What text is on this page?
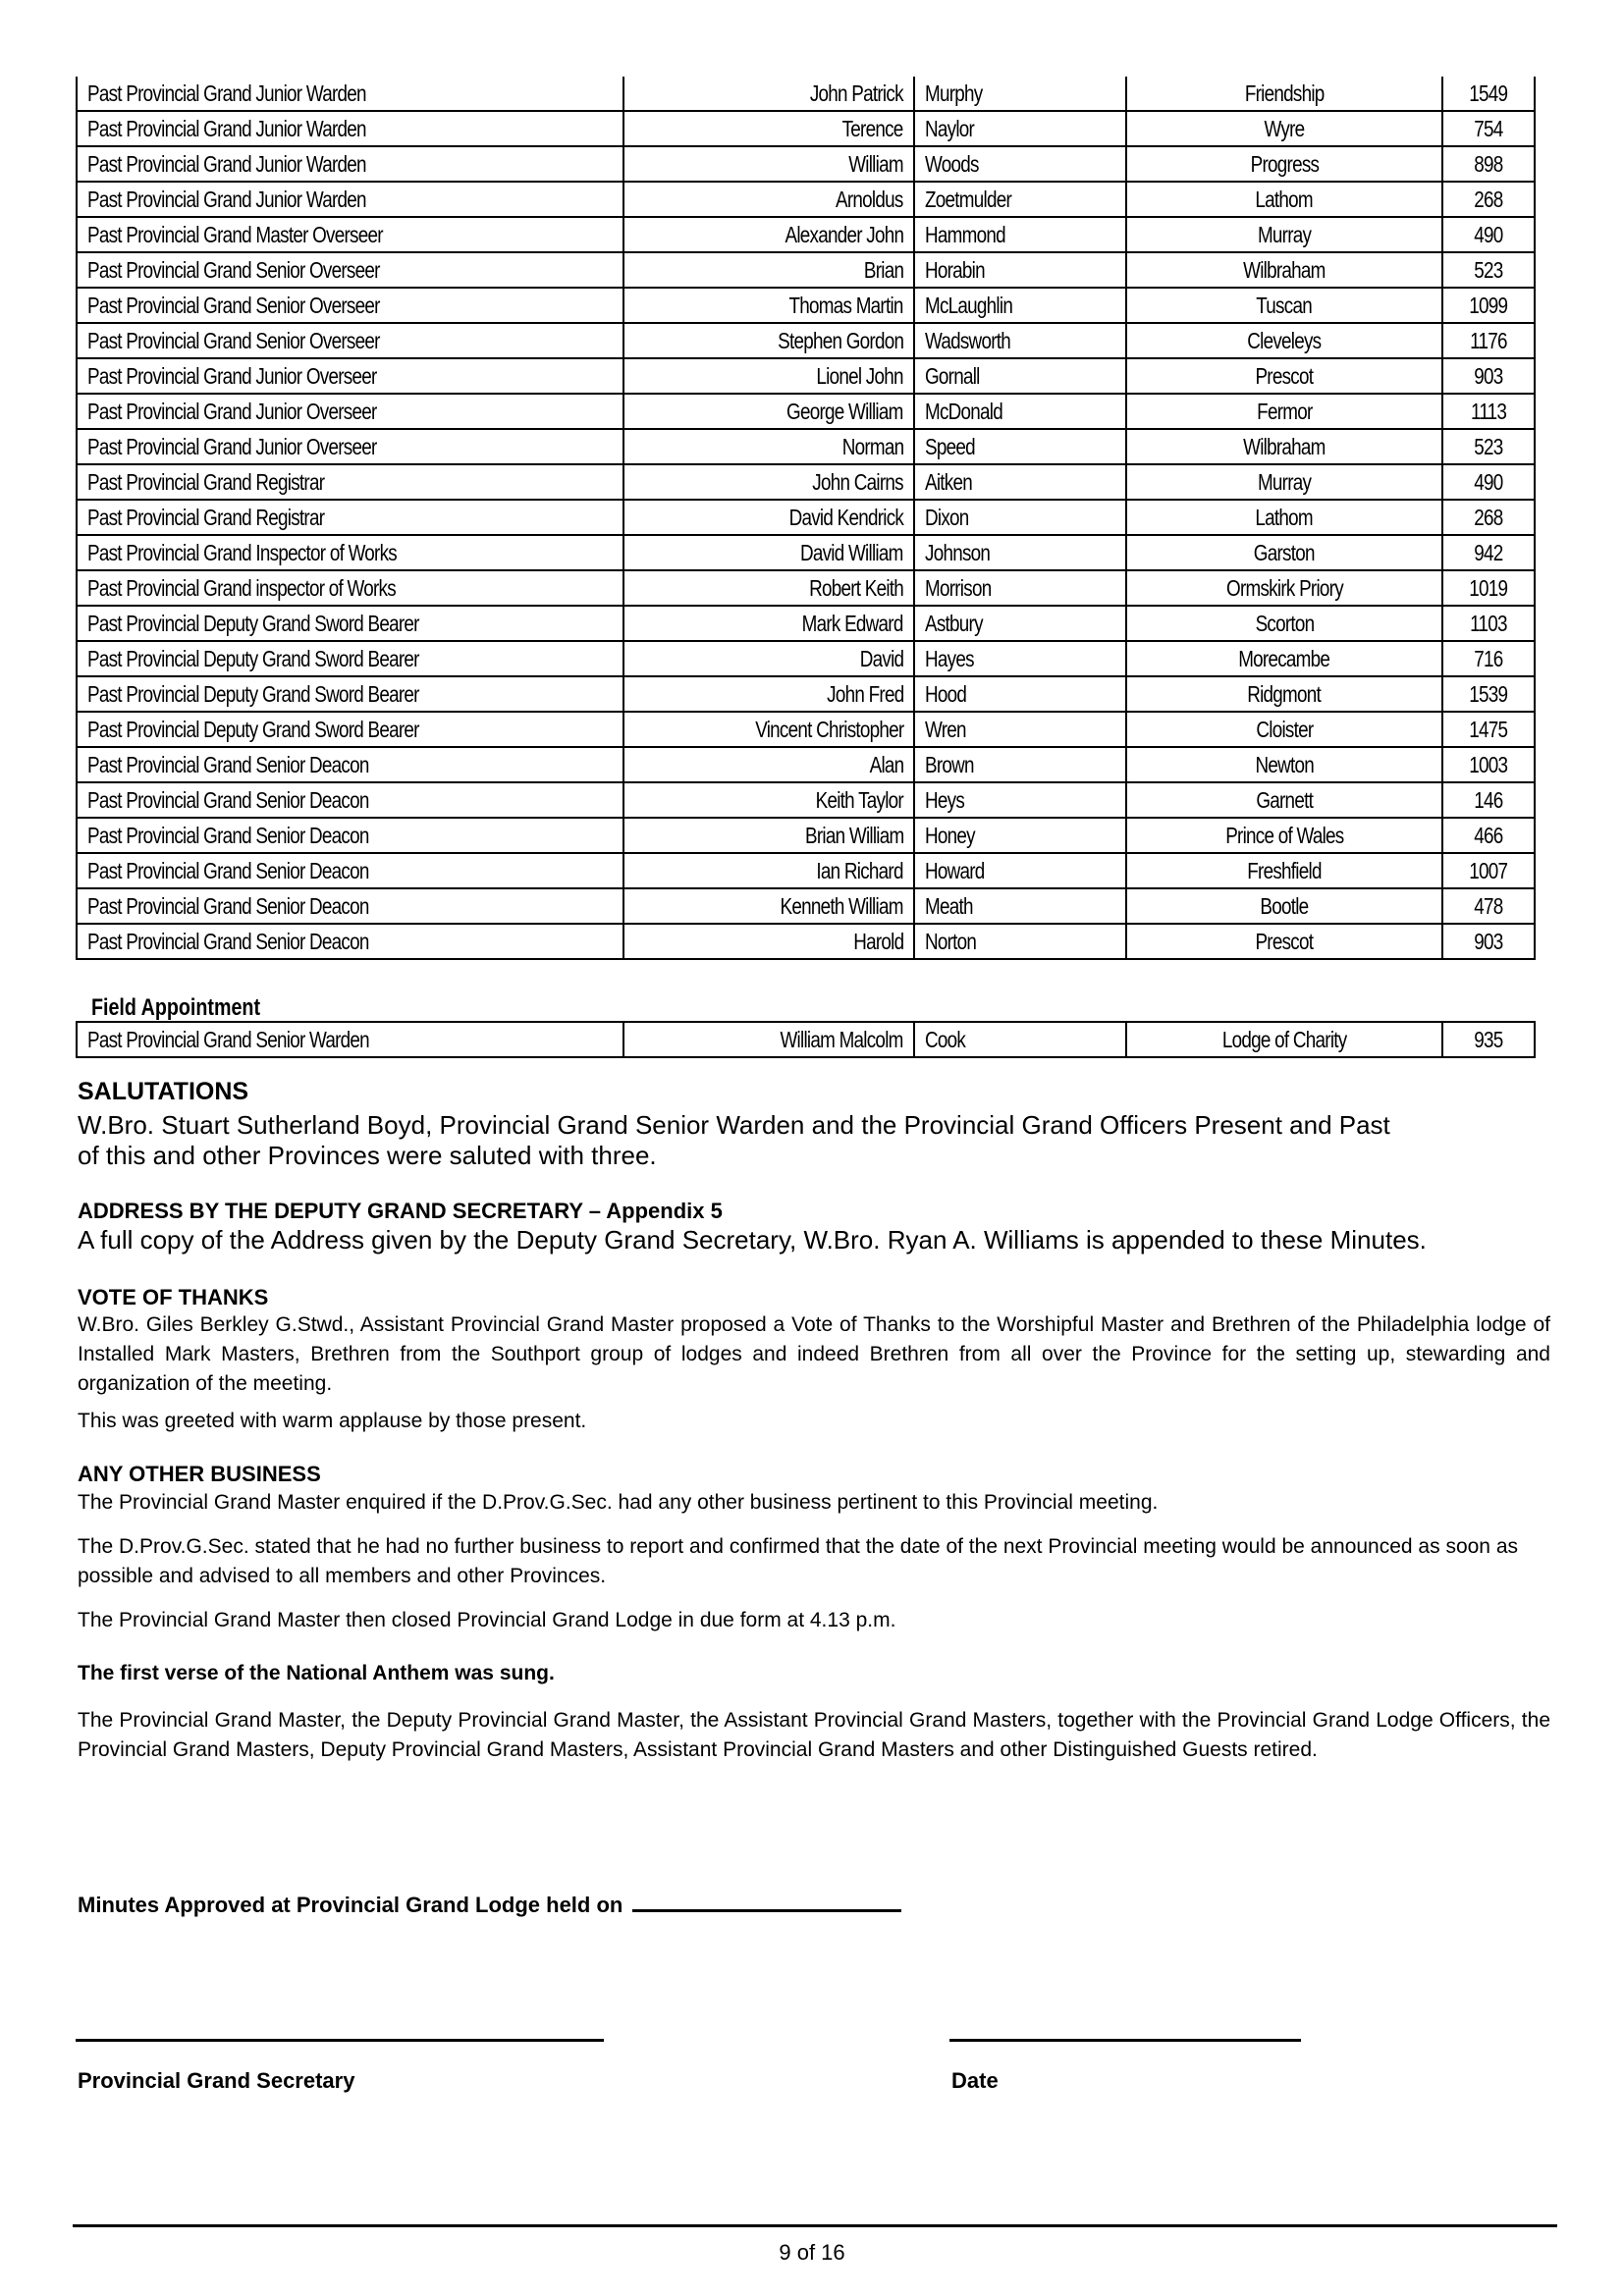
Past Provincial Grand Junior Warden	John Patrick	Murphy	Friendship	1549
Past Provincial Grand Junior Warden	Terence	Naylor	Wyre	754
Past Provincial Grand Junior Warden	William	Woods	Progress	898
Past Provincial Grand Junior Warden	Arnoldus	Zoetmulder	Lathom	268
Past Provincial Grand Master Overseer	Alexander John	Hammond	Murray	490
Past Provincial Grand Senior Overseer	Brian	Horabin	Wilbraham	523
Past Provincial Grand Senior Overseer	Thomas Martin	McLaughlin	Tuscan	1099
Past Provincial Grand Senior Overseer	Stephen Gordon	Wadsworth	Cleveleys	1176
Past Provincial Grand Junior Overseer	Lionel John	Gornall	Prescot	903
Past Provincial Grand Junior Overseer	George William	McDonald	Fermor	1113
Past Provincial Grand Junior Overseer	Norman	Speed	Wilbraham	523
Past Provincial Grand Registrar	John Cairns	Aitken	Murray	490
Past Provincial Grand Registrar	David Kendrick	Dixon	Lathom	268
Past Provincial Grand Inspector of Works	David William	Johnson	Garston	942
Past Provincial Grand inspector of Works	Robert Keith	Morrison	Ormskirk Priory	1019
Past Provincial Deputy Grand Sword Bearer	Mark Edward	Astbury	Scorton	1103
Past Provincial Deputy Grand Sword Bearer	David	Hayes	Morecambe	716
Past Provincial Deputy Grand Sword Bearer	John Fred	Hood	Ridgmont	1539
Past Provincial Deputy Grand Sword Bearer	Vincent Christopher	Wren	Cloister	1475
Past Provincial Grand Senior Deacon	Alan	Brown	Newton	1003
Past Provincial Grand Senior Deacon	Keith Taylor	Heys	Garnett	146
Past Provincial Grand Senior Deacon	Brian William	Honey	Prince of Wales	466
Past Provincial Grand Senior Deacon	Ian Richard	Howard	Freshfield	1007
Past Provincial Grand Senior Deacon	Kenneth William	Meath	Bootle	478
Past Provincial Grand Senior Deacon	Harold	Norton	Prescot	903
Field Appointment
Past Provincial Grand Senior Warden	William Malcolm	Cook	Lodge of Charity	935
SALUTATIONS
W.Bro. Stuart Sutherland Boyd, Provincial Grand Senior Warden and the Provincial Grand Officers Present and Past
of this and other Provinces were saluted with three.
ADDRESS BY THE DEPUTY GRAND SECRETARY – Appendix 5
A full copy of the Address given by the Deputy Grand Secretary, W.Bro. Ryan A. Williams is appended to these Minutes.
VOTE OF THANKS
W.Bro. Giles Berkley G.Stwd., Assistant Provincial Grand Master proposed a Vote of Thanks to the Worshipful Master and Brethren of the Philadelphia lodge of Installed Mark Masters, Brethren from the Southport group of lodges and indeed Brethren from all over the Province for the setting up, stewarding and organization of the meeting.
This was greeted with warm applause by those present.
ANY OTHER BUSINESS
The Provincial Grand Master enquired if the D.Prov.G.Sec. had any other business pertinent to this Provincial meeting.
The D.Prov.G.Sec. stated that he had no further business to report and confirmed that the date of the next Provincial meeting would be announced as soon as possible and advised to all members and other Provinces.
The Provincial Grand Master then closed Provincial Grand Lodge in due form at 4.13 p.m.
The first verse of the National Anthem was sung.
The Provincial Grand Master, the Deputy Provincial Grand Master, the Assistant Provincial Grand Masters, together with the Provincial Grand Lodge Officers, the Provincial Grand Masters, Deputy Provincial Grand Masters, Assistant Provincial Grand Masters and other Distinguished Guests retired.
Minutes Approved at Provincial Grand Lodge held on
Provincial Grand Secretary	Date
9 of 16
